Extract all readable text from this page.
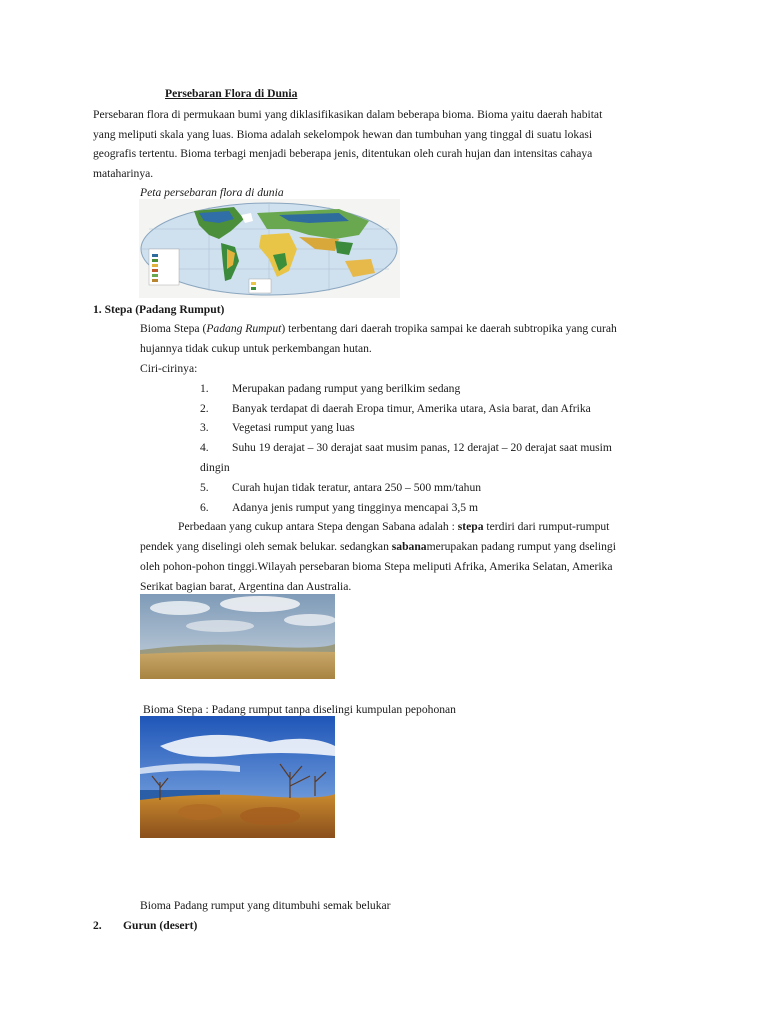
Persebaran Flora di Dunia
Persebaran flora di permukaan bumi yang diklasifikasikan dalam beberapa bioma. Bioma yaitu daerah habitat
yang meliputi skala yang luas. Bioma adalah sekelompok hewan dan tumbuhan yang tinggal di suatu lokasi
geografis tertentu. Bioma terbagi menjadi beberapa jenis, ditentukan oleh curah hujan dan intensitas cahaya
mataharinya.
Peta persebaran flora di dunia
1. Stepa (Padang Rumput)
Bioma Stepa (Padang Rumput) terbentang dari daerah tropika sampai ke daerah subtropika yang curah
hujannya tidak cukup untuk perkembangan hutan.
Ciri-cirinya:
1.	Merupakan padang rumput yang berilkim sedang
2.	Banyak terdapat di daerah Eropa timur, Amerika utara, Asia barat, dan Afrika
3.	Vegetasi rumput yang luas
4.	Suhu 19 derajat – 30 derajat saat musim panas, 12 derajat – 20 derajat saat musim
dingin
5.	Curah hujan tidak teratur, antara 250 – 500 mm/tahun
6.	Adanya jenis rumput yang tingginya mencapai 3,5 m
Perbedaan yang cukup antara Stepa dengan Sabana adalah : stepa terdiri dari rumput-rumput
pendek yang diselingi oleh semak belukar. sedangkan sabanamerupakan padang rumput yang dselingi
oleh pohon-pohon tinggi.Wilayah persebaran bioma Stepa meliputi Afrika, Amerika Selatan, Amerika
Serikat bagian barat, Argentina dan Australia.
Bioma Stepa : Padang rumput tanpa diselingi kumpulan pepohonan
Bioma Padang rumput yang ditumbuhi semak belukar
2. Gurun (desert)
